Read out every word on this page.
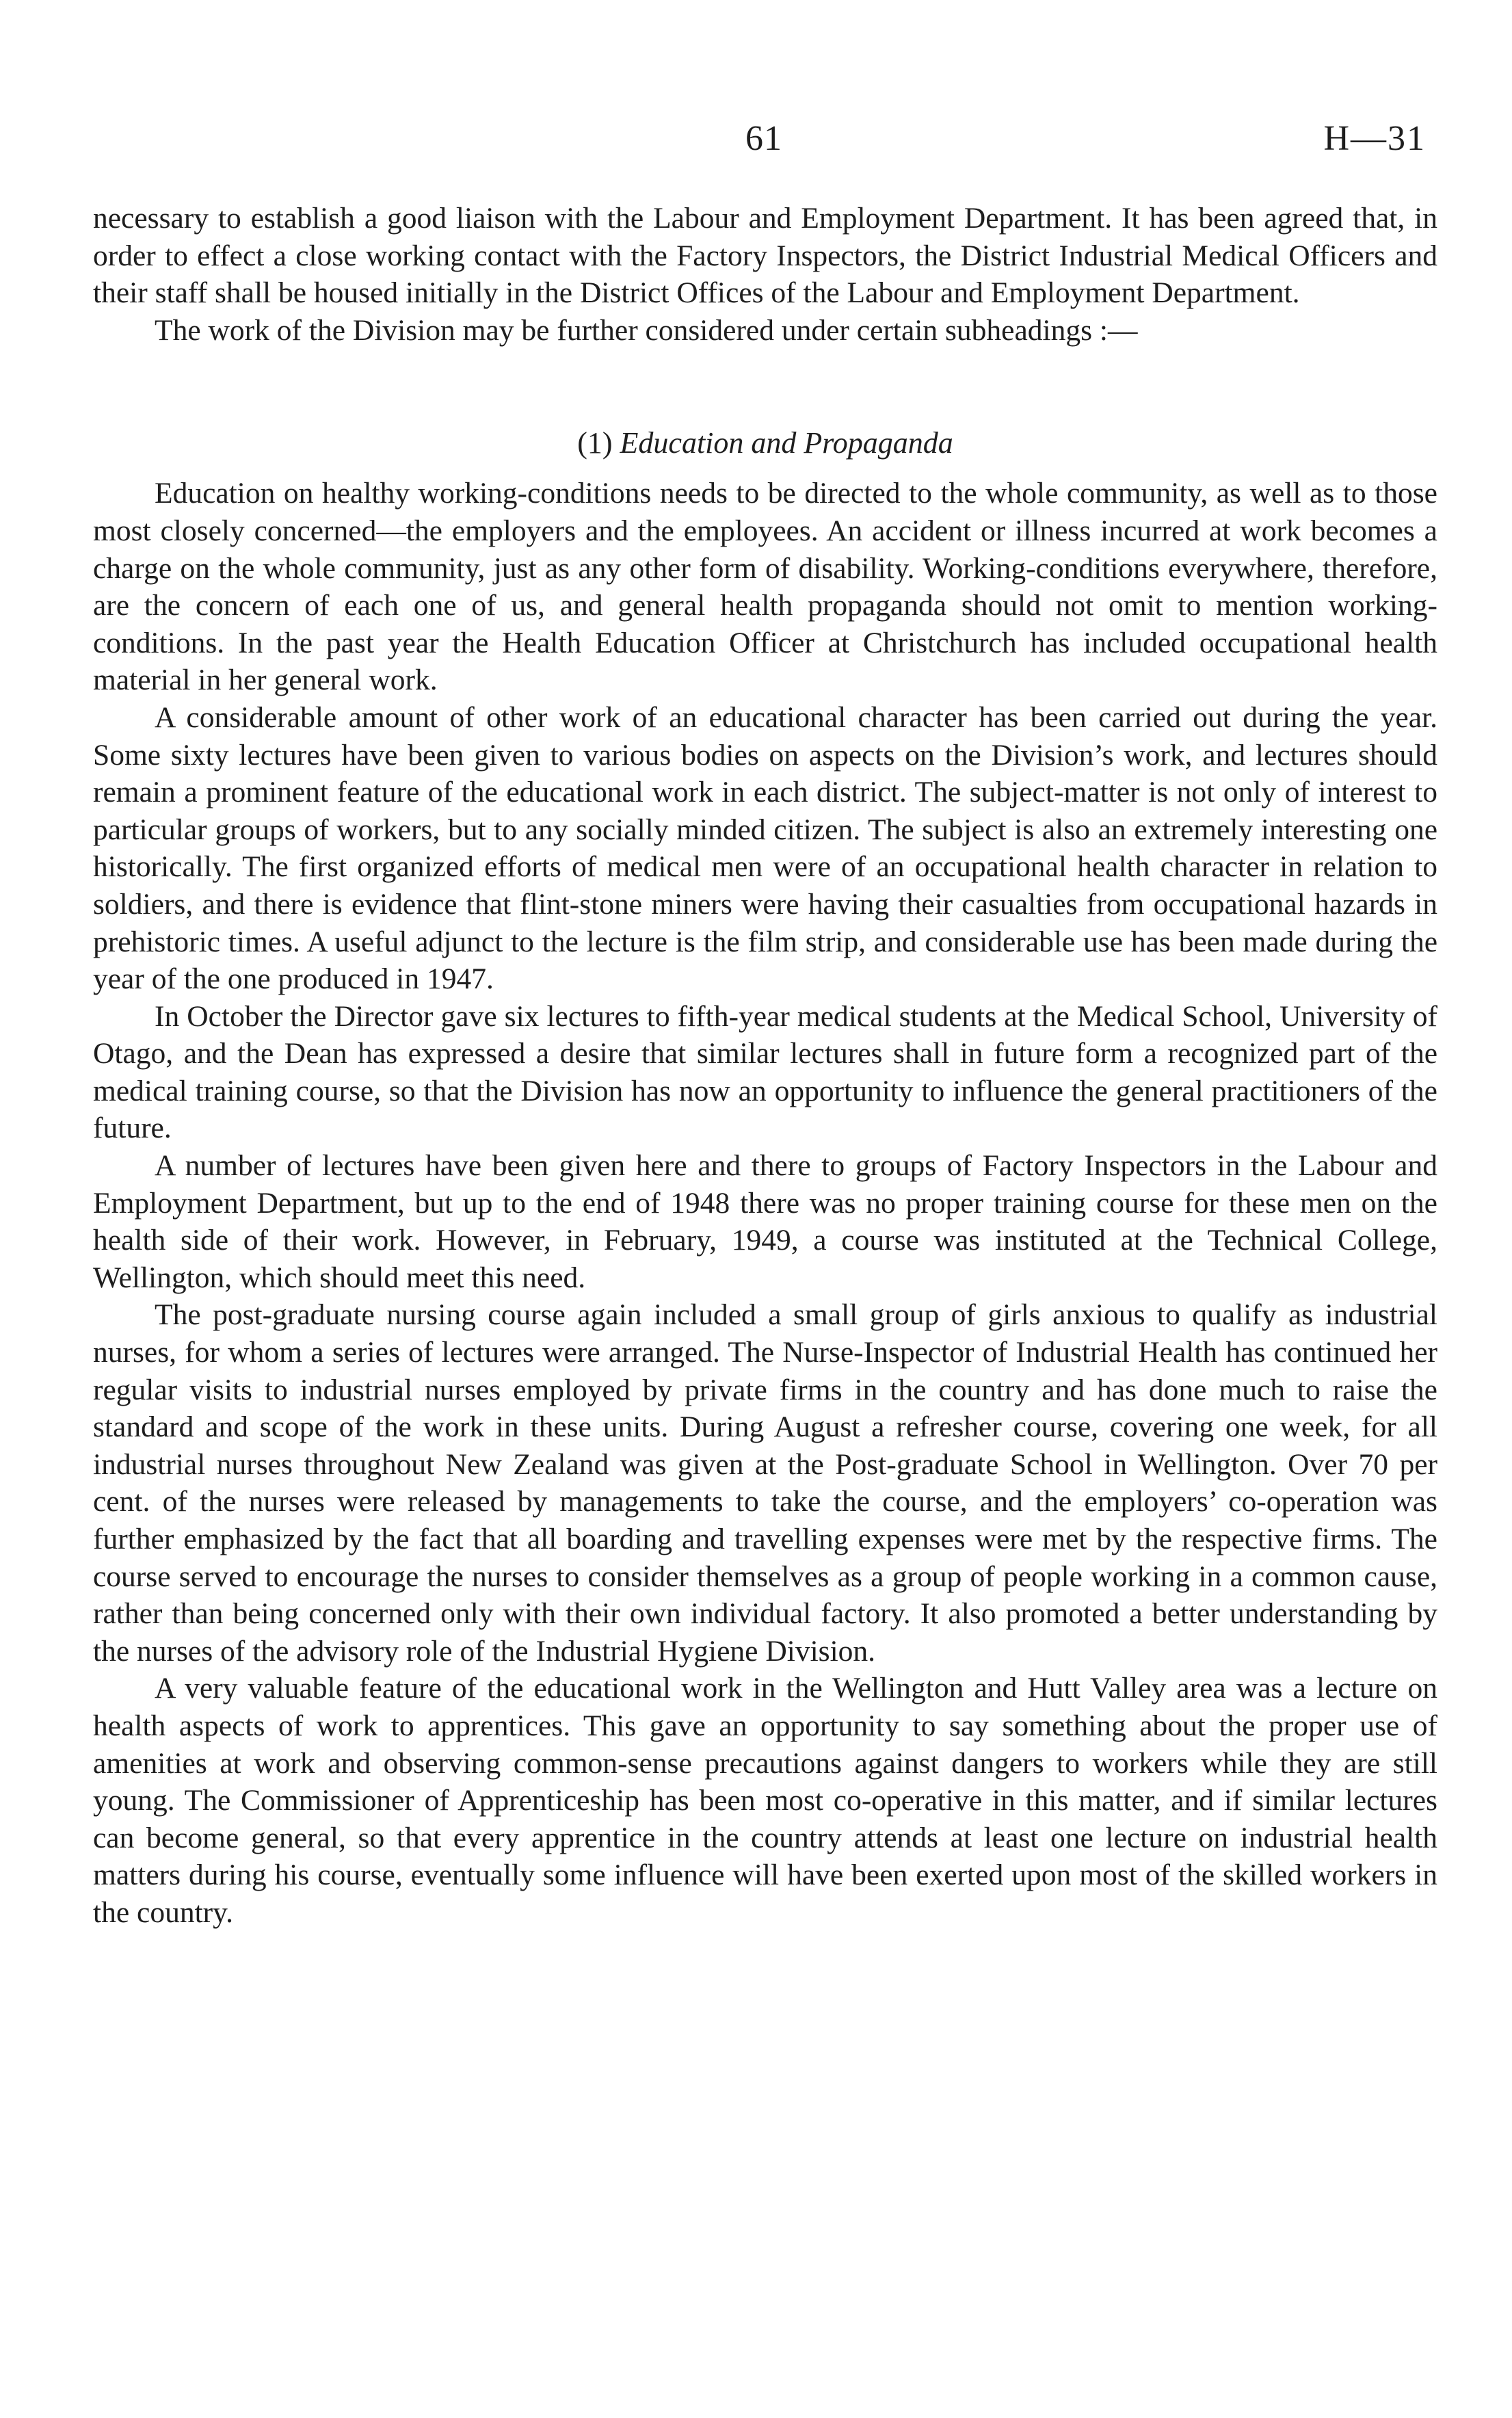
61	H—31

necessary to establish a good liaison with the Labour and Employment Department. It has been agreed that, in order to effect a close working contact with the Factory Inspectors, the District Industrial Medical Officers and their staff shall be housed initially in the District Offices of the Labour and Employment Department.

The work of the Division may be further considered under certain subheadings :—

(1) Education and Propaganda

Education on healthy working-conditions needs to be directed to the whole community, as well as to those most closely concerned—the employers and the employees. An accident or illness incurred at work becomes a charge on the whole community, just as any other form of disability. Working-conditions everywhere, therefore, are the concern of each one of us, and general health propaganda should not omit to mention working-conditions. In the past year the Health Education Officer at Christchurch has included occupational health material in her general work.

A considerable amount of other work of an educational character has been carried out during the year. Some sixty lectures have been given to various bodies on aspects on the Division’s work, and lectures should remain a prominent feature of the educational work in each district. The subject-matter is not only of interest to particular groups of workers, but to any socially minded citizen. The subject is also an extremely interesting one historically. The first organized efforts of medical men were of an occupational health character in relation to soldiers, and there is evidence that flint-stone miners were having their casualties from occupational hazards in prehistoric times. A useful adjunct to the lecture is the film strip, and considerable use has been made during the year of the one produced in 1947.

In October the Director gave six lectures to fifth-year medical students at the Medical School, University of Otago, and the Dean has expressed a desire that similar lectures shall in future form a recognized part of the medical training course, so that the Division has now an opportunity to influence the general practitioners of the future.

A number of lectures have been given here and there to groups of Factory Inspectors in the Labour and Employment Department, but up to the end of 1948 there was no proper training course for these men on the health side of their work. However, in February, 1949, a course was instituted at the Technical College, Wellington, which should meet this need.

The post-graduate nursing course again included a small group of girls anxious to qualify as industrial nurses, for whom a series of lectures were arranged. The Nurse-Inspector of Industrial Health has continued her regular visits to industrial nurses employed by private firms in the country and has done much to raise the standard and scope of the work in these units. During August a refresher course, covering one week, for all industrial nurses throughout New Zealand was given at the Post-graduate School in Wellington. Over 70 per cent. of the nurses were released by managements to take the course, and the employers’ co-operation was further emphasized by the fact that all boarding and travelling expenses were met by the respective firms. The course served to encourage the nurses to consider themselves as a group of people working in a common cause, rather than being concerned only with their own individual factory. It also promoted a better understanding by the nurses of the advisory role of the Industrial Hygiene Division.

A very valuable feature of the educational work in the Wellington and Hutt Valley area was a lecture on health aspects of work to apprentices. This gave an opportunity to say something about the proper use of amenities at work and observing common-sense precautions against dangers to workers while they are still young. The Commissioner of Apprenticeship has been most co-operative in this matter, and if similar lectures can become general, so that every apprentice in the country attends at least one lecture on industrial health matters during his course, eventually some influence will have been exerted upon most of the skilled workers in the country.
